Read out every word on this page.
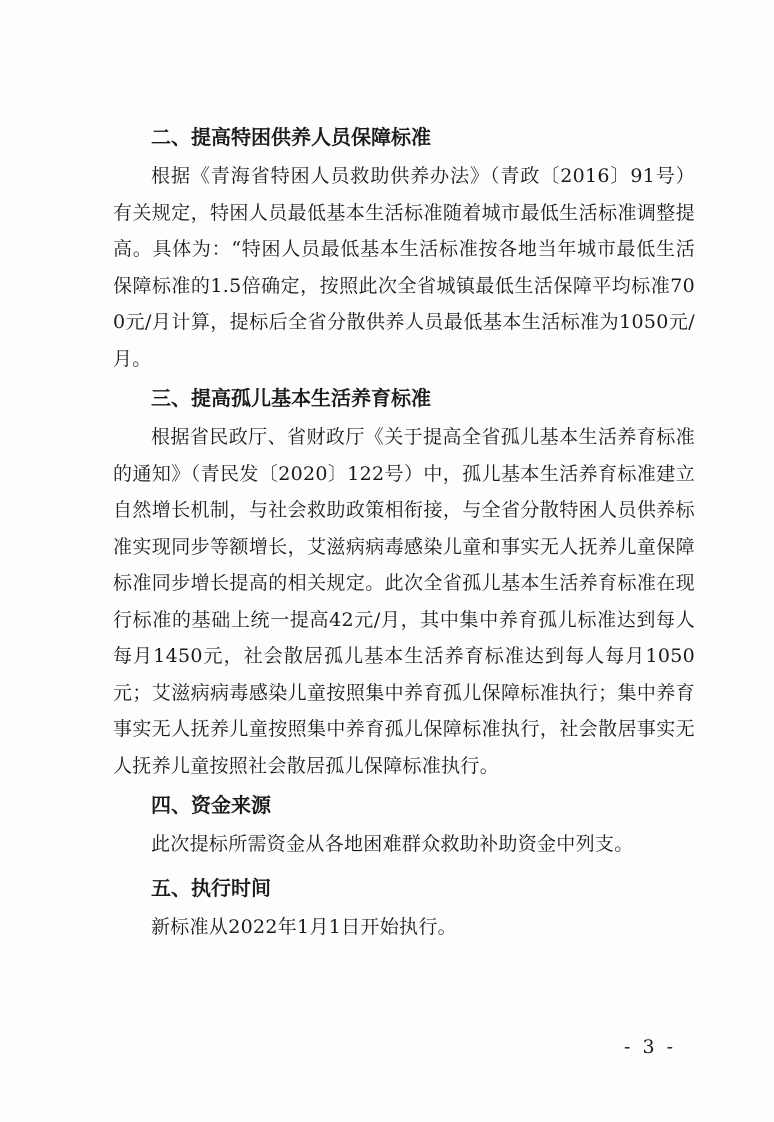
二、提高特困供养人员保障标准

根据《青海省特困人员救助供养办法》（青政〔2016〕91号）有关规定，特困人员最低基本生活标准随着城市最低生活标准调整提高。具体为：“特困人员最低基本生活标准按各地当年城市最低生活保障标准的1.5倍确定，按照此次全省城镇最低生活保障平均标准700元/月计算，提标后全省分散供养人员最低基本生活标准为1050元/月。

三、提高孤儿基本生活养育标准

根据省民政厅、省财政厅《关于提高全省孤儿基本生活养育标准的通知》（青民发〔2020〕122号）中，孤儿基本生活养育标准建立自然增长机制，与社会救助政策相衔接，与全省分散特困人员供养标准实现同步等额增长，艾滋病病毒感染儿童和事实无人抚养儿童保障标准同步增长提高的相关规定。此次全省孤儿基本生活养育标准在现行标准的基础上统一提高42元/月，其中集中养育孤儿标准达到每人每月1450元，社会散居孤儿基本生活养育标准达到每人每月1050元；艾滋病病毒感染儿童按照集中养育孤儿保障标准执行；集中养育事实无人抚养儿童按照集中养育孤儿保障标准执行，社会散居事实无人抚养儿童按照社会散居孤儿保障标准执行。

四、资金来源

此次提标所需资金从各地困难群众救助补助资金中列支。

五、执行时间

新标准从2022年1月1日开始执行。

- 3 -
